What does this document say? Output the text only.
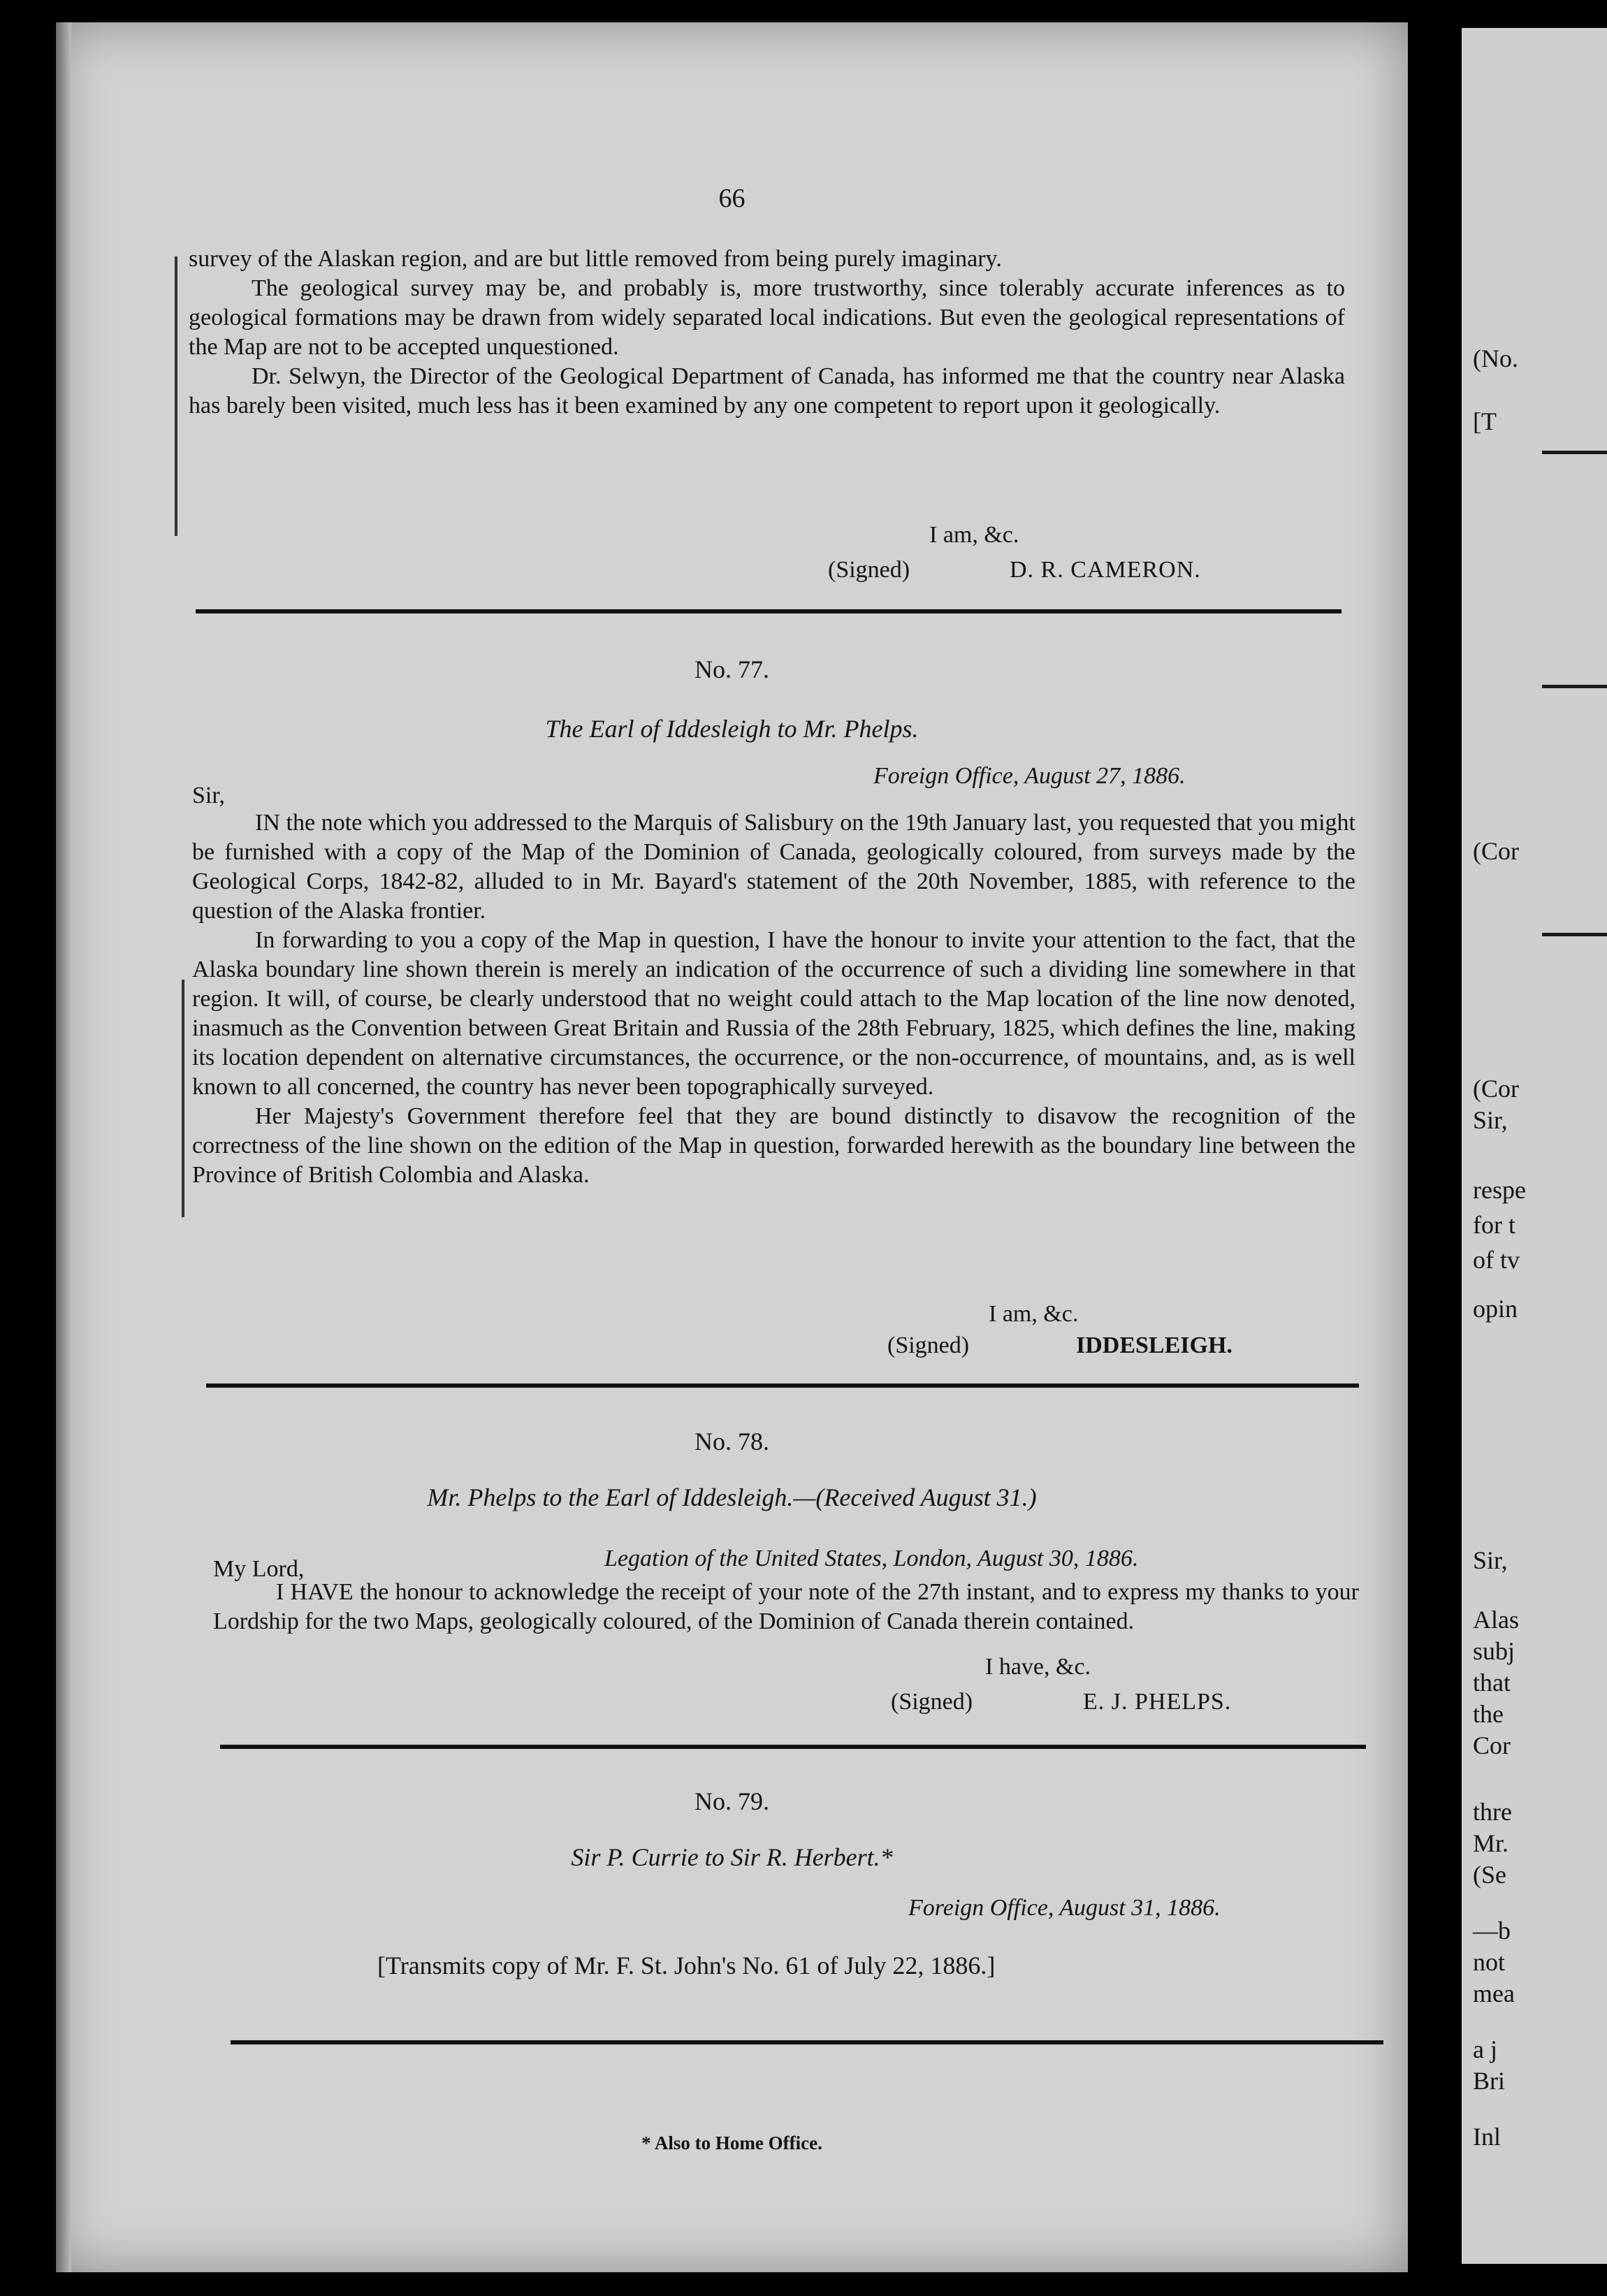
66

survey of the Alaskan region, and are but little removed from being purely imaginary.

The geological survey may be, and probably is, more trustworthy, since tolerably accurate inferences as to geological formations may be drawn from widely separated local indications. But even the geological representations of the Map are not to be accepted unquestioned.

Dr. Selwyn, the Director of the Geological Department of Canada, has informed me that the country near Alaska has barely been visited, much less has it been examined by any one competent to report upon it geologically.

I am, &c.
(Signed)	D. R. CAMERON.
No. 77.
The Earl of Iddesleigh to Mr. Phelps.
Sir,
Foreign Office, August 27, 1886.

IN the note which you addressed to the Marquis of Salisbury on the 19th January last, you requested that you might be furnished with a copy of the Map of the Dominion of Canada, geologically coloured, from surveys made by the Geological Corps, 1842-82, alluded to in Mr. Bayard's statement of the 20th November, 1885, with reference to the question of the Alaska frontier.

In forwarding to you a copy of the Map in question, I have the honour to invite your attention to the fact, that the Alaska boundary line shown therein is merely an indication of the occurrence of such a dividing line somewhere in that region. It will, of course, be clearly understood that no weight could attach to the Map location of the line now denoted, inasmuch as the Convention between Great Britain and Russia of the 28th February, 1825, which defines the line, making its location dependent on alternative circumstances, the occurrence, or the non-occurrence, of mountains, and, as is well known to all concerned, the country has never been topographically surveyed.

Her Majesty's Government therefore feel that they are bound distinctly to disavow the recognition of the correctness of the line shown on the edition of the Map in question, forwarded herewith as the boundary line between the Province of British Colombia and Alaska.

I am, &c.
(Signed)	IDDESLEIGH.
No. 78.
Mr. Phelps to the Earl of Iddesleigh.—(Received August 31.)
My Lord,	Legation of the United States, London, August 30, 1886.

I HAVE the honour to acknowledge the receipt of your note of the 27th instant, and to express my thanks to your Lordship for the two Maps, geologically coloured, of the Dominion of Canada therein contained.

I have, &c.
(Signed)	E. J. PHELPS.
No. 79.
Sir P. Currie to Sir R. Herbert.*
Foreign Office, August 31, 1886.
[Transmits copy of Mr. F. St. John's No. 61 of July 22, 1886.]
* Also to Home Office.
(No.
[T
(Cor
(Cor
Sir,
respe
for t
of tv
opin
Sir,
Alas
subj
that
the
Cor
thre
Mr.
(Se
—b
not
mea
a j
Bri
Inl
